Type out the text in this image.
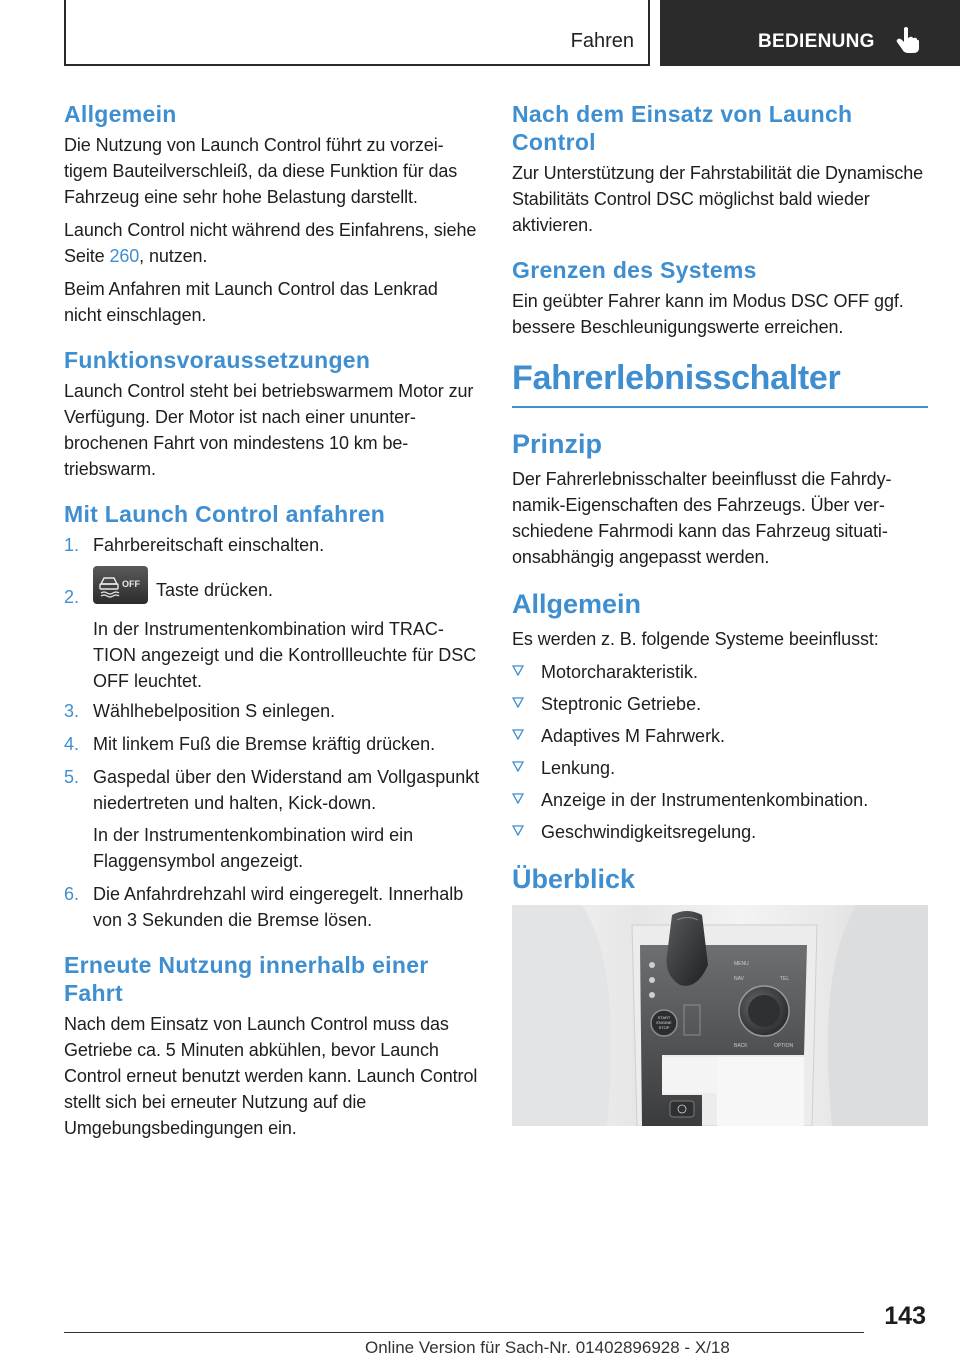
Fahren	BEDIENUNG
Allgemein

Die Nutzung von Launch Control führt zu vorzeitigem Bauteilverschleiß, da diese Funktion für das Fahrzeug eine sehr hohe Belastung darstellt.

Launch Control nicht während des Einfahrens, siehe Seite 260, nutzen.

Beim Anfahren mit Launch Control das Lenkrad nicht einschlagen.

Funktionsvoraussetzungen

Launch Control steht bei betriebswarmem Motor zur Verfügung. Der Motor ist nach einer ununterbrochenen Fahrt von mindestens 10 km betriebswarm.

Mit Launch Control anfahren
1. Fahrbereitschaft einschalten.
2.
OFF Taste drücken.
In der Instrumentenkombination wird TRACTION angezeigt und die Kontrollleuchte für DSC OFF leuchtet.
3. Wählhebelposition S einlegen.
4. Mit linkem Fuß die Bremse kräftig drücken.
5. Gaspedal über den Widerstand am Vollgaspunkt niedertreten und halten, Kick-down.
In der Instrumentenkombination wird ein Flaggensymbol angezeigt.
6. Die Anfahrdrehzahl wird eingeregelt. Innerhalb von 3 Sekunden die Bremse lösen.
Erneute Nutzung innerhalb einer Fahrt

Nach dem Einsatz von Launch Control muss das Getriebe ca. 5 Minuten abkühlen, bevor Launch Control erneut benutzt werden kann. Launch Control stellt sich bei erneuter Nutzung auf die Umgebungsbedingungen ein.

Nach dem Einsatz von Launch Control

Zur Unterstützung der Fahrstabilität die Dynamische Stabilitäts Control DSC möglichst bald wieder aktivieren.

Grenzen des Systems

Ein geübter Fahrer kann im Modus DSC OFF ggf. bessere Beschleunigungswerte erreichen.

Fahrerlebnisschalter
Prinzip

Der Fahrerlebnisschalter beeinflusst die Fahrdynamik-Eigenschaften des Fahrzeugs. Über verschiedene Fahrmodi kann das Fahrzeug situationsabhängig angepasst werden.

Allgemein

Es werden z. B. folgende Systeme beeinflusst:

Motorcharakteristik.
Steptronic Getriebe.
Adaptives M Fahrwerk.
Lenkung.
Anzeige in der Instrumentenkombination.
Geschwindigkeitsregelung.
Überblick
START
ENGINE
STOP
MENU
NAV	TEL
BACK	OPTION
143
Online Version für Sach-Nr. 01402896928 - X/18
